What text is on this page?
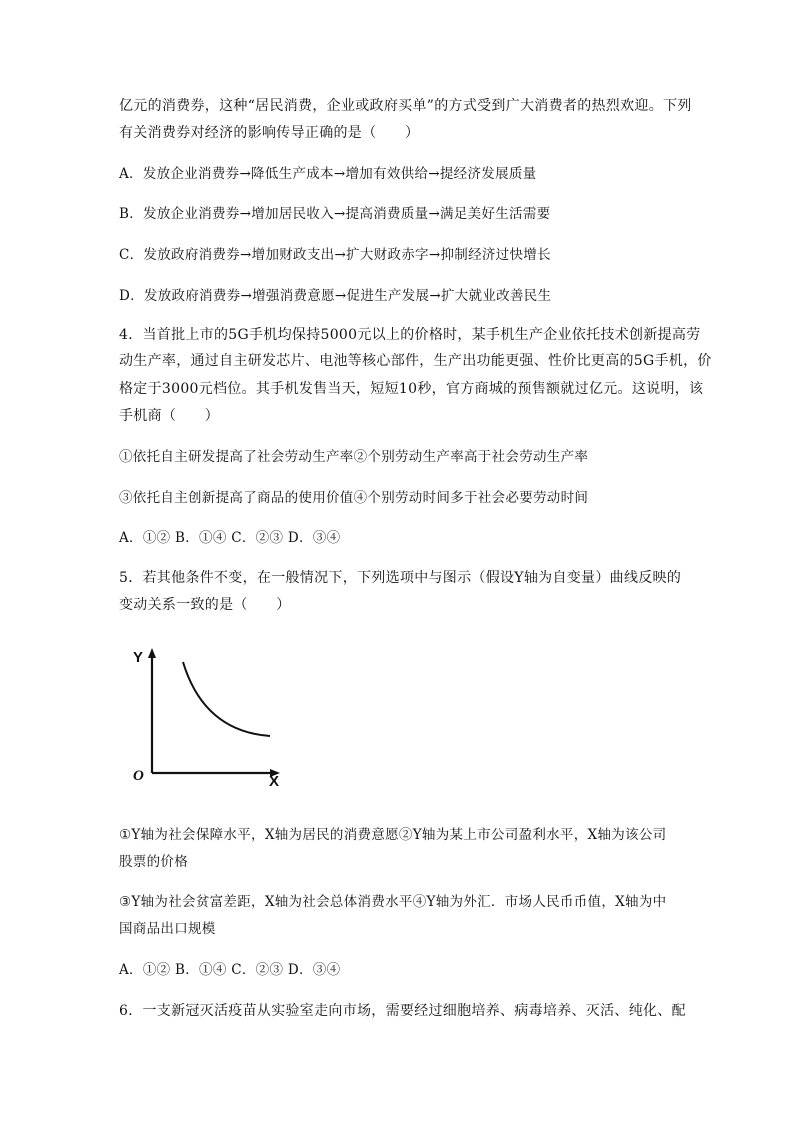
亿元的消费券，这种“居民消费，企业或政府买单”的方式受到广大消费者的热烈欢迎。下列
有关消费券对经济的影响传导正确的是（　　）
A．发放企业消费券→降低生产成本→增加有效供给→提经济发展质量
B．发放企业消费券→增加居民收入→提高消费质量→满足美好生活需要
C．发放政府消费券→增加财政支出→扩大财政赤字→抑制经济过快增长
D．发放政府消费券→增强消费意愿→促进生产发展→扩大就业改善民生
4．当首批上市的5G手机均保持5000元以上的价格时，某手机生产企业依托技术创新提高劳
动生产率，通过自主研发芯片、电池等核心部件，生产出功能更强、性价比更高的5G手机，价
格定于3000元档位。其手机发售当天，短短10秒，官方商城的预售额就过亿元。这说明，该
手机商（　　）
①依托自主研发提高了社会劳动生产率②个别劳动生产率高于社会劳动生产率
③依托自主创新提高了商品的使用价值④个别劳动时间多于社会必要劳动时间
A．①② B．①④ C．②③ D．③④
5．若其他条件不变，在一般情况下，下列选项中与图示（假设Y轴为自变量）曲线反映的
变动关系一致的是（　　）
Y
O	X
①Y轴为社会保障水平，X轴为居民的消费意愿②Y轴为某上市公司盈利水平，X轴为该公司
股票的价格
③Y轴为社会贫富差距，X轴为社会总体消费水平④Y轴为外汇．市场人民币币值，X轴为中
国商品出口规模
A．①② B．①④ C．②③ D．③④
6．一支新冠灭活疫苗从实验室走向市场，需要经过细胞培养、病毒培养、灭活、纯化、配
